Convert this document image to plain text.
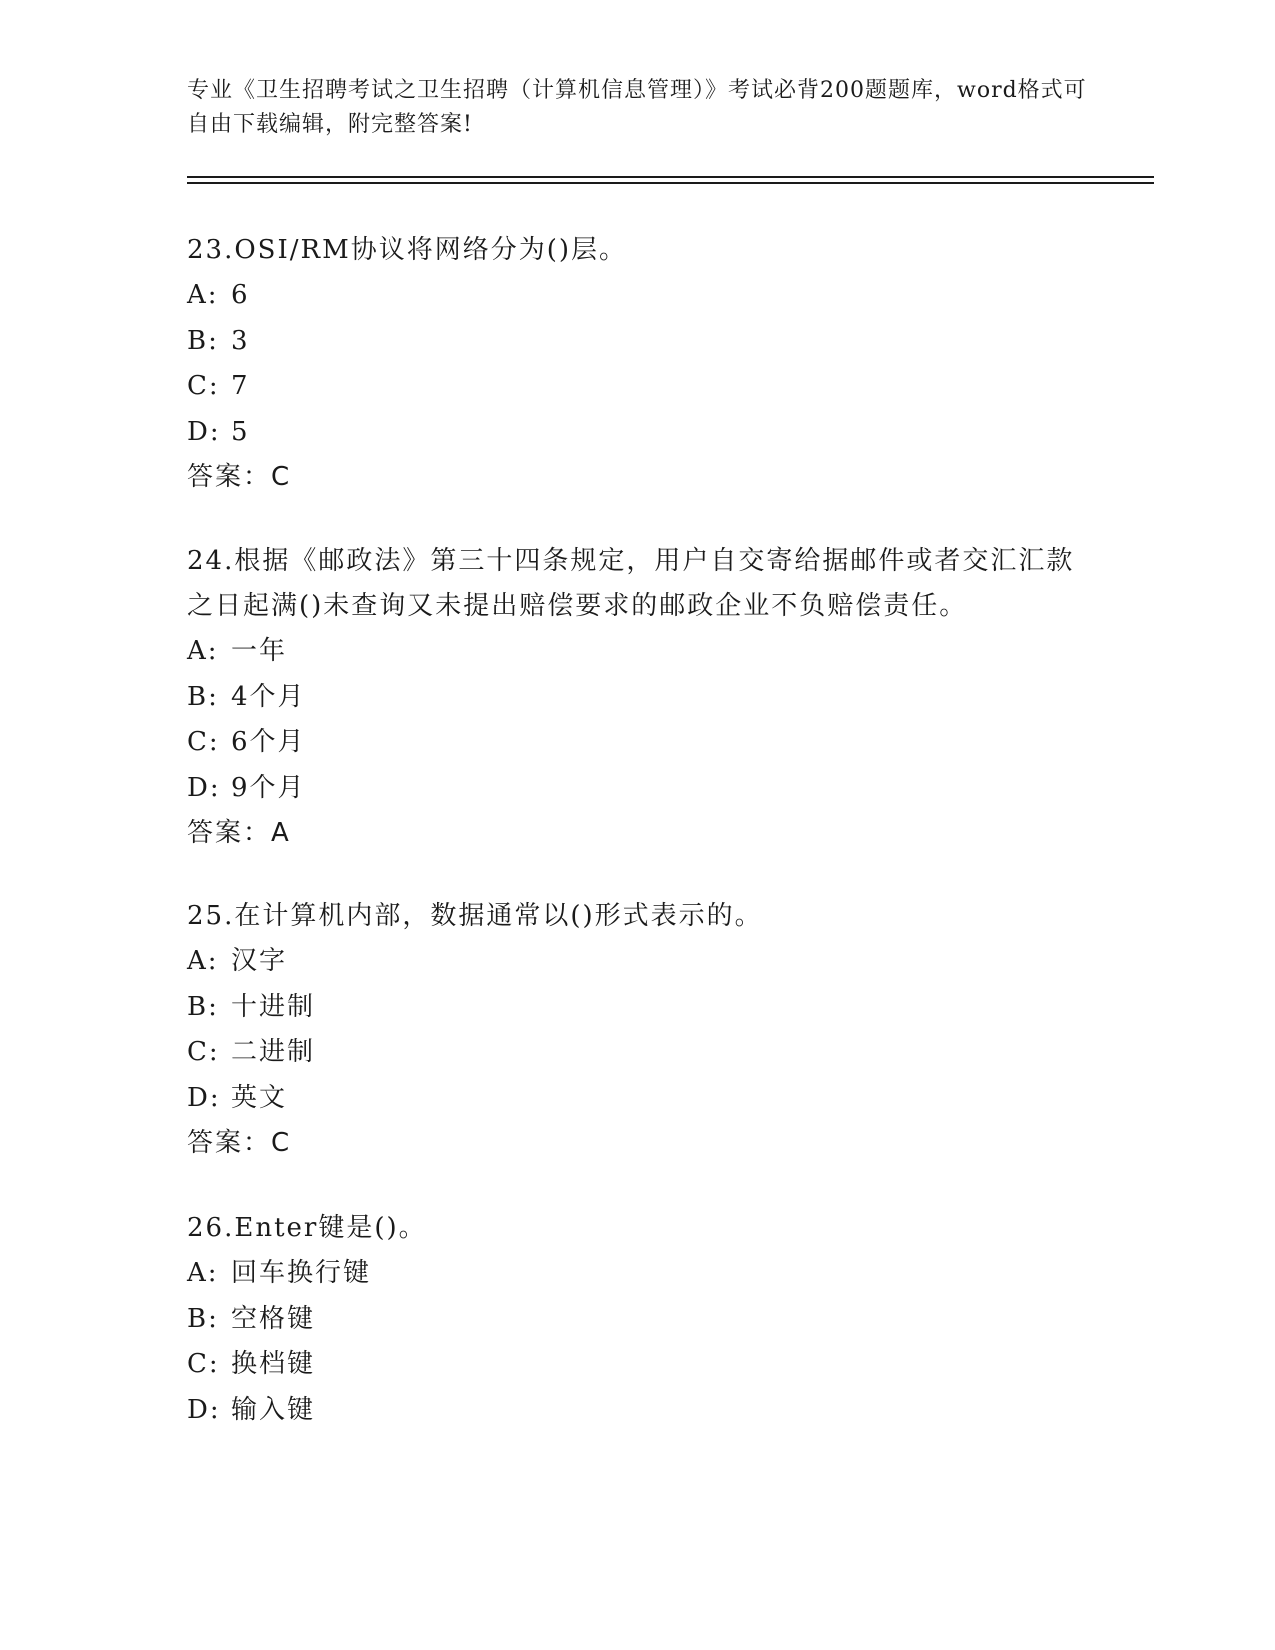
专业《卫生招聘考试之卫生招聘（计算机信息管理）》考试必背200题题库，word格式可自由下载编辑，附完整答案!
23.OSI/RM协议将网络分为()层。
A: 6
B: 3
C: 7
D: 5
答案：C
24.根据《邮政法》第三十四条规定，用户自交寄给据邮件或者交汇汇款之日起满()未查询又未提出赔偿要求的邮政企业不负赔偿责任。
A: 一年
B: 4个月
C: 6个月
D: 9个月
答案：A
25.在计算机内部，数据通常以()形式表示的。
A: 汉字
B: 十进制
C: 二进制
D: 英文
答案：C
26.Enter键是()。
A: 回车换行键
B: 空格键
C: 换档键
D: 输入键
